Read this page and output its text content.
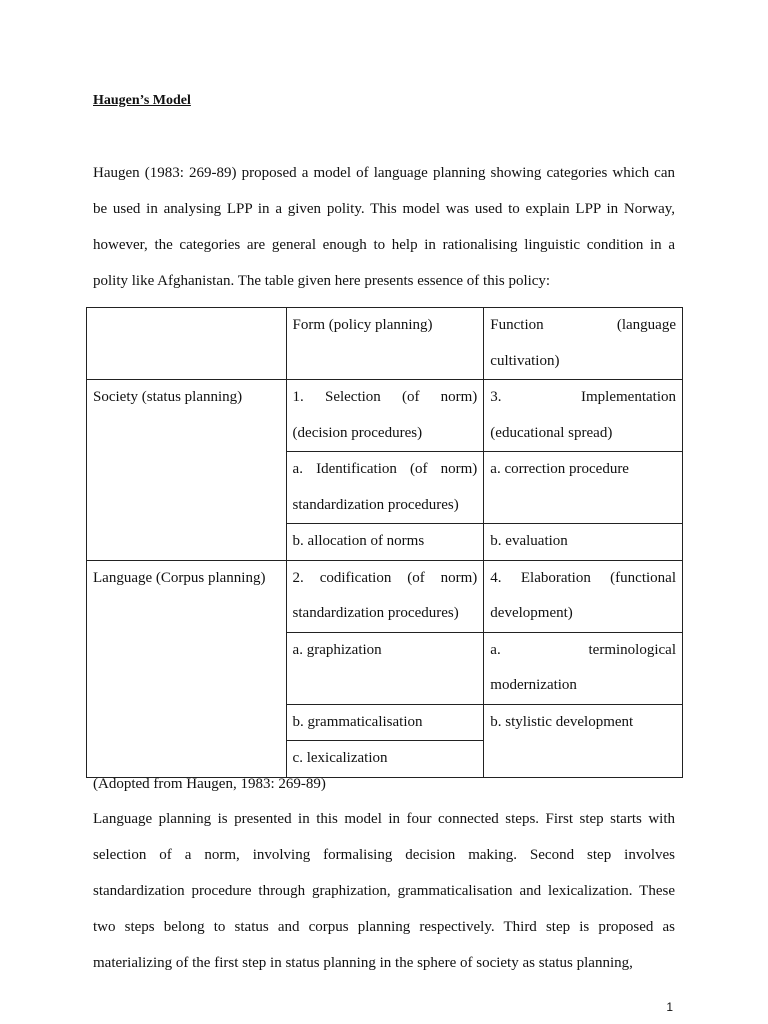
Haugen’s Model

Haugen (1983: 269-89) proposed a model of language planning showing categories which can be used in analysing LPP in a given polity. This model was used to explain LPP in Norway, however, the categories are general enough to help in rationalising linguistic condition in a polity like Afghanistan. The table given here presents essence of this policy:

	Form (policy planning)	Function (language cultivation)

Society (status planning)	1. Selection (of norm) (decision procedures)	3. Implementation (educational spread)

	a. Identification (of norm) standardization procedures)	a. correction procedure

	b. allocation of norms	b. evaluation

Language (Corpus planning)	2. codification (of norm) standardization procedures)	4. Elaboration (functional development)

	a. graphization	a. terminological modernization

	b. grammaticalisation	b. stylistic development

	c. lexicalization	

(Adopted from Haugen, 1983: 269-89)

Language planning is presented in this model in four connected steps. First step starts with selection of a norm, involving formalising decision making. Second step involves standardization procedure through graphization, grammaticalisation and lexicalization. These two steps belong to status and corpus planning respectively. Third step is proposed as materializing of the first step in status planning in the sphere of society as status planning,

1
